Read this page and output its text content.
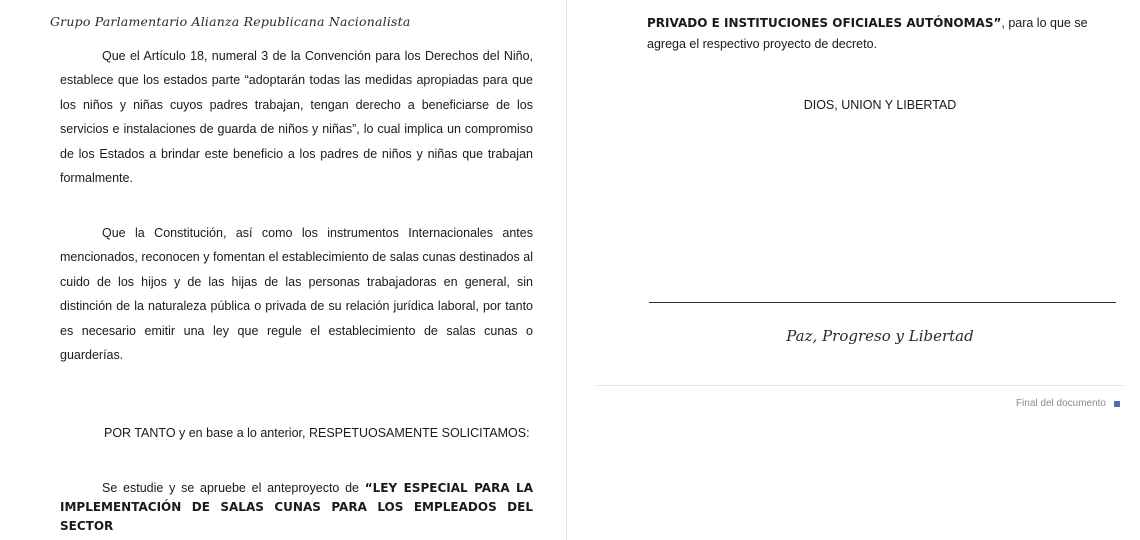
Grupo Parlamentario Alianza Republicana Nacionalista

Que el Artículo 18, numeral 3 de la Convención para los Derechos del Niño, establece que los estados parte “adoptarán todas las medidas apropiadas para que los niños y niñas cuyos padres trabajan, tengan derecho a beneficiarse de los servicios e instalaciones de guarda de niños y niñas”, lo cual implica un compromiso de los Estados a brindar este beneficio a los padres de niños y niñas que trabajan formalmente.

Que la Constitución, así como los instrumentos Internacionales antes mencionados, reconocen y fomentan el establecimiento de salas cunas destinados al cuido de los hijos y de las hijas de las personas trabajadoras en general, sin distinción de la naturaleza pública o privada de su relación jurídica laboral, por tanto es necesario emitir una ley que regule el establecimiento de salas cunas o guarderías.

POR TANTO y en base a lo anterior, RESPETUOSAMENTE SOLICITAMOS:

Se estudie y se apruebe el anteproyecto de “LEY ESPECIAL PARA LA IMPLEMENTACIÓN DE SALAS CUNAS PARA LOS EMPLEADOS DEL SECTOR

PRIVADO E INSTITUCIONES OFICIALES AUTÓNOMAS”, para lo que se agrega el respectivo proyecto de decreto.

DIOS, UNION Y LIBERTAD
Paz, Progreso y Libertad
Final del documento
